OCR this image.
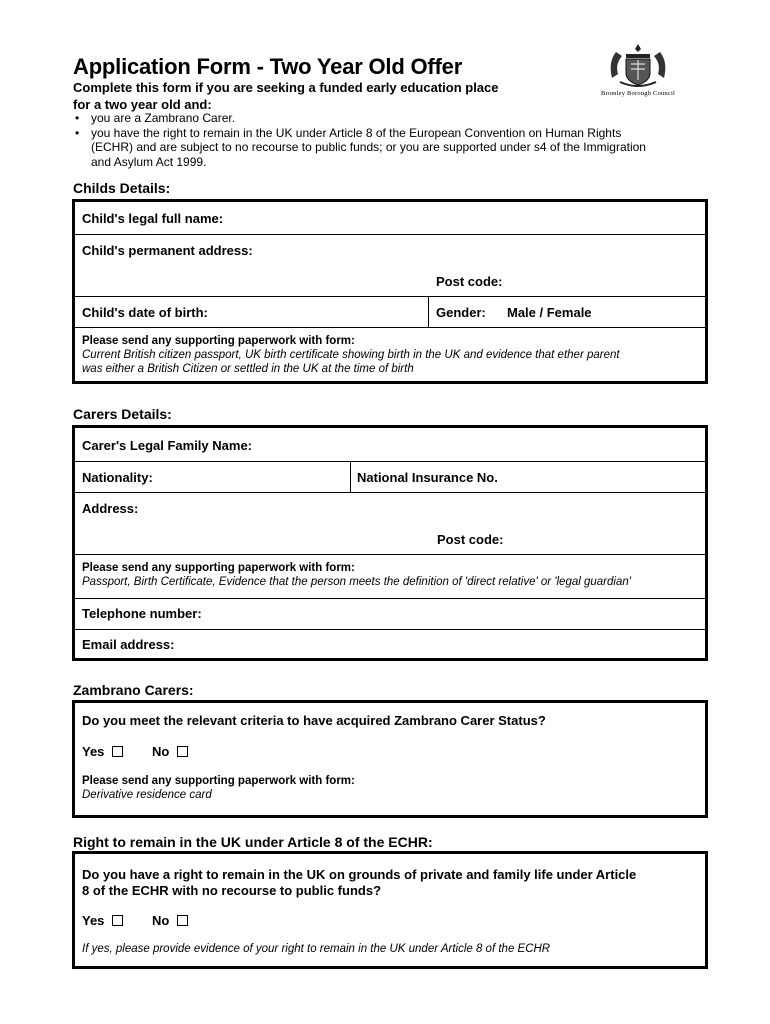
Application Form - Two Year Old Offer
Complete this form if you are seeking a funded early education place
for a two year old and:
• you are a Zambrano Carer.
• you have the right to remain in the UK under Article 8 of the European Convention on Human Rights
(ECHR) and are subject to no recourse to public funds; or you are supported under s4 of the Immigration
and Asylum Act 1999.
Bromley Borough Council
Childs Details:
Child's legal full name:
Child's permanent address:
Post code:
Child's date of birth:	Gender: Male / Female
Please send any supporting paperwork with form:
Current British citizen passport, UK birth certificate showing birth in the UK and evidence that ether parent
was either a British Citizen or settled in the UK at the time of birth
Carers Details:
Carer's Legal Family Name:
Nationality:	National Insurance No.
Address:
Post code:
Please send any supporting paperwork with form:
Passport, Birth Certificate, Evidence that the person meets the definition of 'direct relative' or 'legal guardian'
Telephone number:
Email address:
Zambrano Carers:
Do you meet the relevant criteria to have acquired Zambrano Carer Status?
Yes	No
Please send any supporting paperwork with form:
Derivative residence card
Right to remain in the UK under Article 8 of the ECHR:
Do you have a right to remain in the UK on grounds of private and family life under Article
8 of the ECHR with no recourse to public funds?
Yes	No
If yes, please provide evidence of your right to remain in the UK under Article 8 of the ECHR
